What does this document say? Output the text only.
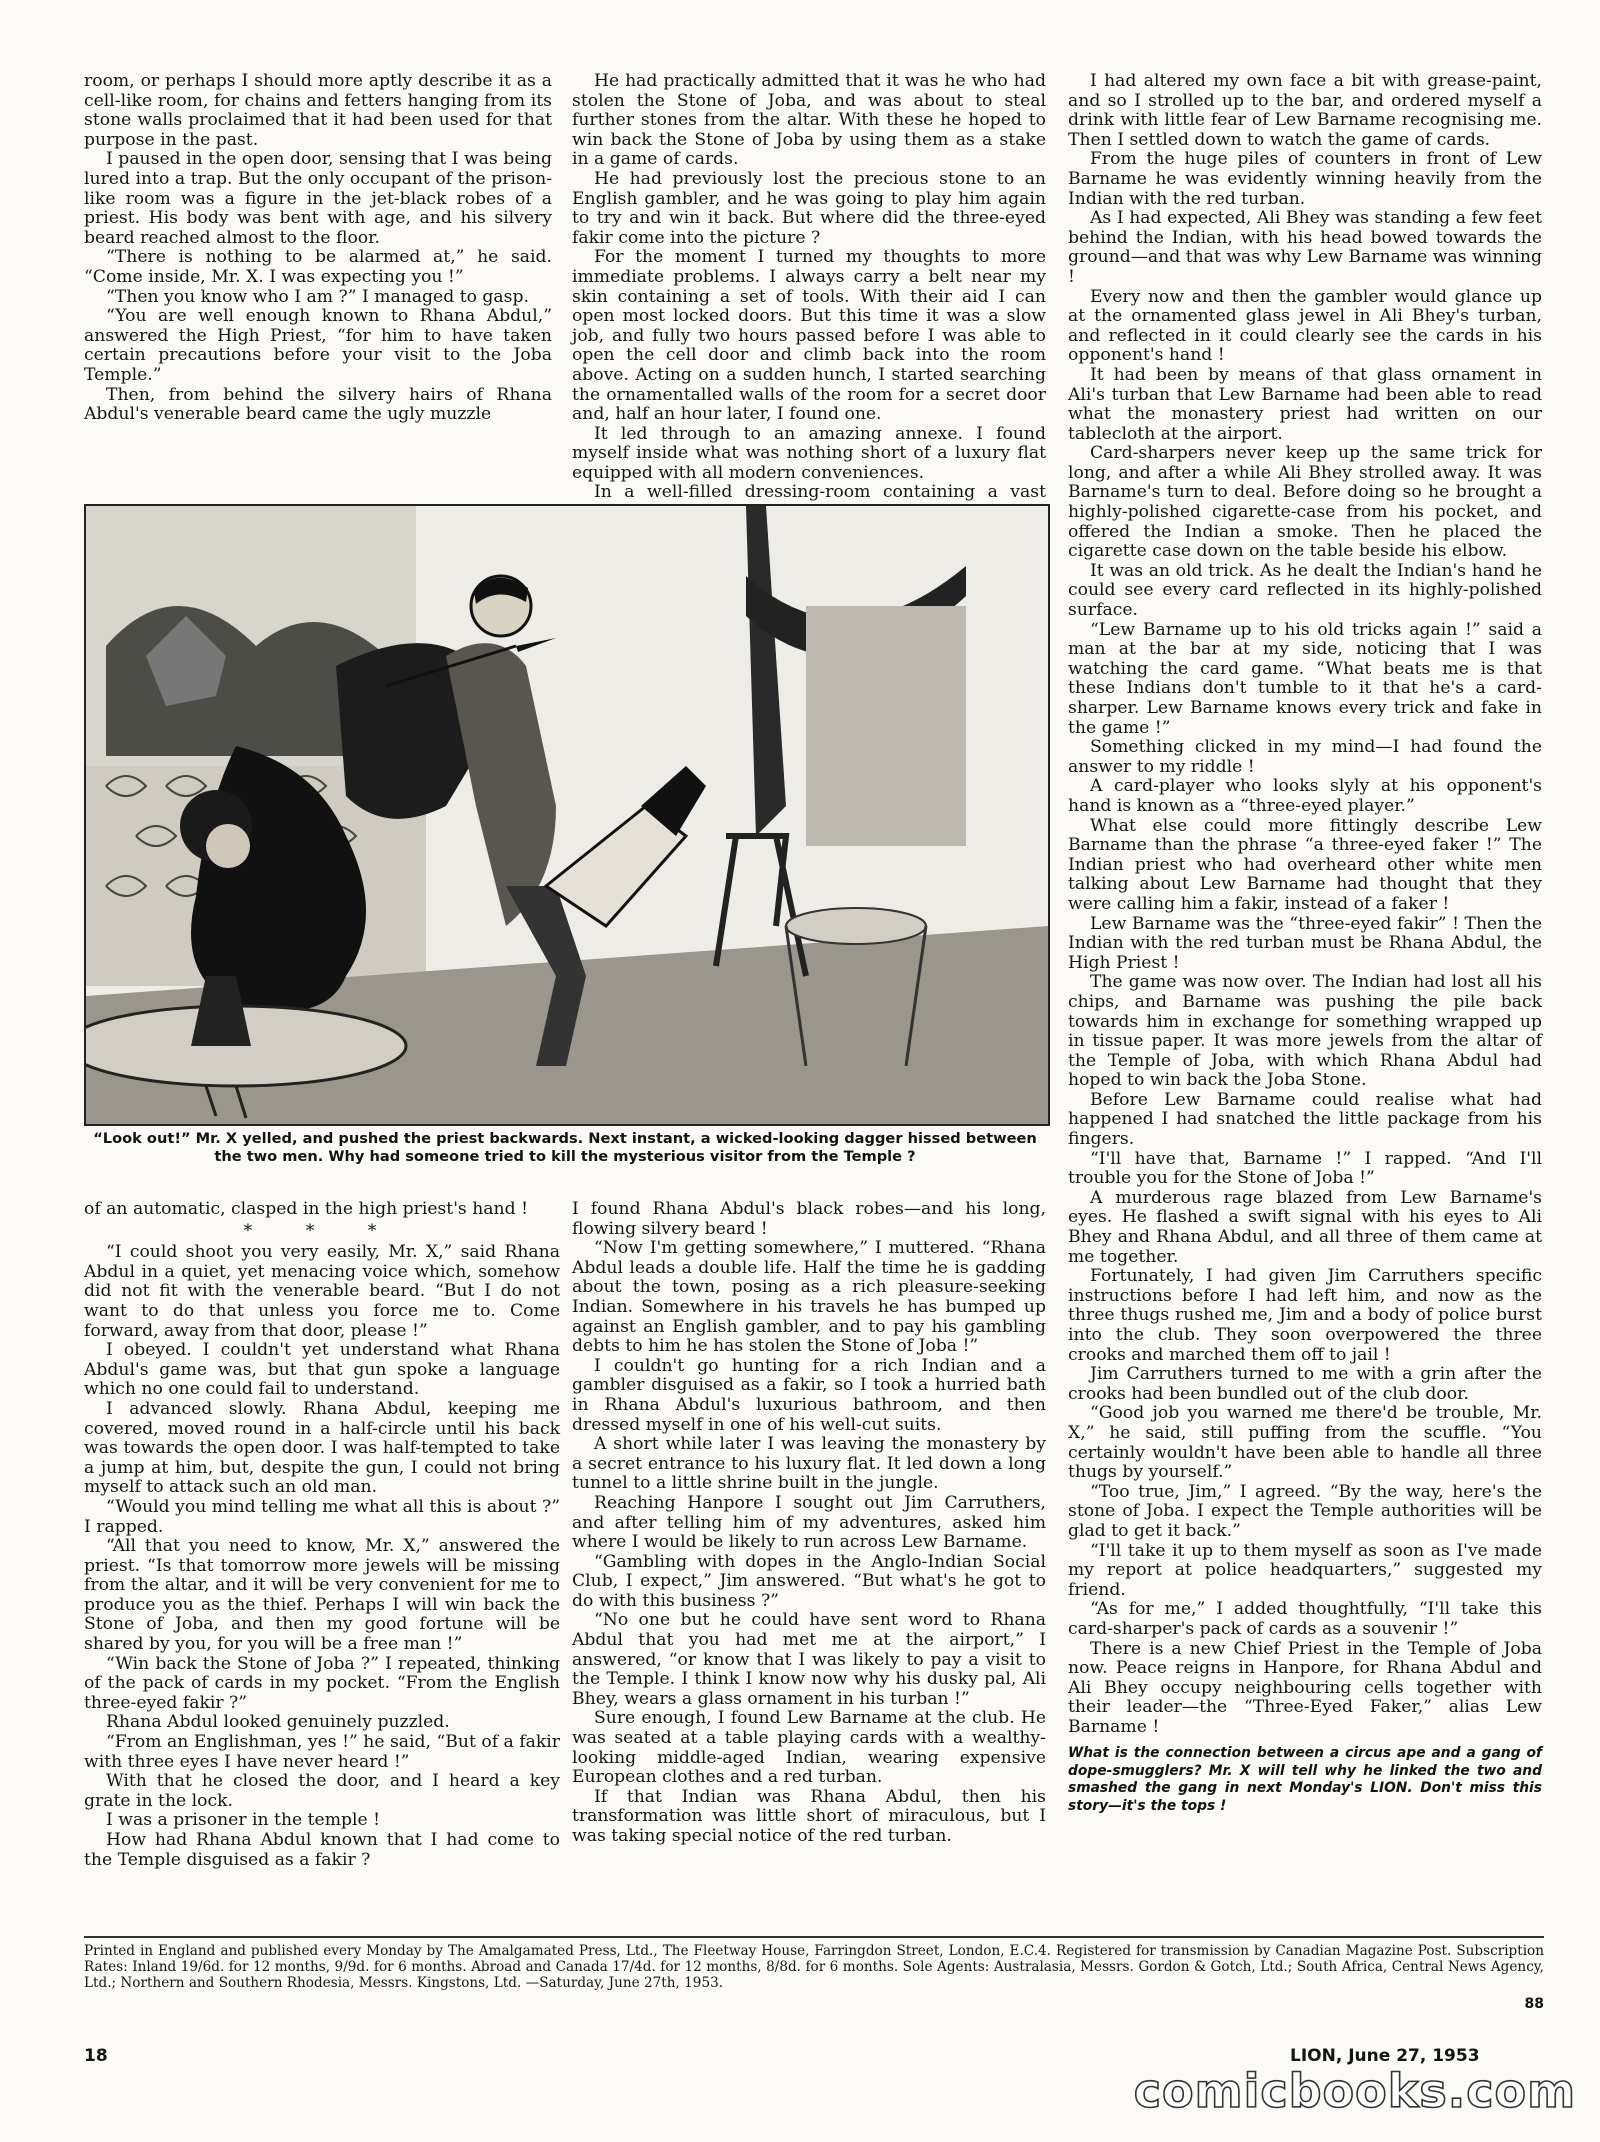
room, or perhaps I should more aptly describe it as a cell-like room, for chains and fetters hanging from its stone walls proclaimed that it had been used for that purpose in the past.

I paused in the open door, sensing that I was being lured into a trap. But the only occupant of the prison-like room was a figure in the jet-black robes of a priest. His body was bent with age, and his silvery beard reached almost to the floor.

“There is nothing to be alarmed at,” he said. “Come inside, Mr. X. I was expecting you !”

“Then you know who I am ?” I managed to gasp.

“You are well enough known to Rhana Abdul,” answered the High Priest, “for him to have taken certain precautions before your visit to the Joba Temple.”

Then, from behind the silvery hairs of Rhana Abdul's venerable beard came the ugly muzzle

He had practically admitted that it was he who had stolen the Stone of Joba, and was about to steal further stones from the altar. With these he hoped to win back the Stone of Joba by using them as a stake in a game of cards.

He had previously lost the precious stone to an English gambler, and he was going to play him again to try and win it back. But where did the three-eyed fakir come into the picture ?

For the moment I turned my thoughts to more immediate problems. I always carry a belt near my skin containing a set of tools. With their aid I can open most locked doors. But this time it was a slow job, and fully two hours passed before I was able to open the cell door and climb back into the room above. Acting on a sudden hunch, I started searching the ornamentalled walls of the room for a secret door and, half an hour later, I found one.

It led through to an amazing annexe. I found myself inside what was nothing short of a luxury flat equipped with all modern conveniences.

In a well-filled dressing-room containing a vast

I had altered my own face a bit with grease-paint, and so I strolled up to the bar, and ordered myself a drink with little fear of Lew Barname recognising me. Then I settled down to watch the game of cards.

From the huge piles of counters in front of Lew Barname he was evidently winning heavily from the Indian with the red turban.

As I had expected, Ali Bhey was standing a few feet behind the Indian, with his head bowed towards the ground—and that was why Lew Barname was winning !

Every now and then the gambler would glance up at the ornamented glass jewel in Ali Bhey's turban, and reflected in it could clearly see the cards in his opponent's hand !

It had been by means of that glass ornament in Ali's turban that Lew Barname had been able to read what the monastery priest had written on our tablecloth at the airport.

Card-sharpers never keep up the same trick for long, and after a while Ali Bhey strolled away. It was Barname's turn to deal. Before doing so he brought a highly-polished cigarette-case from his pocket, and offered the Indian a smoke. Then he placed the cigarette case down on the table beside his elbow.

It was an old trick. As he dealt the Indian's hand he could see every card reflected in its highly-polished surface.

“Lew Barname up to his old tricks again !” said a man at the bar at my side, noticing that I was watching the card game. “What beats me is that these Indians don't tumble to it that he's a card-sharper. Lew Barname knows every trick and fake in the game !”

Something clicked in my mind—I had found the answer to my riddle !

A card-player who looks slyly at his opponent's hand is known as a “three-eyed player.”

What else could more fittingly describe Lew Barname than the phrase “a three-eyed faker !” The Indian priest who had overheard other white men talking about Lew Barname had thought that they were calling him a fakir, instead of a faker !

Lew Barname was the “three-eyed fakir” ! Then the Indian with the red turban must be Rhana Abdul, the High Priest !

The game was now over. The Indian had lost all his chips, and Barname was pushing the pile back towards him in exchange for something wrapped up in tissue paper. It was more jewels from the altar of the Temple of Joba, with which Rhana Abdul had hoped to win back the Joba Stone.

Before Lew Barname could realise what had happened I had snatched the little package from his fingers.

“I'll have that, Barname !” I rapped. “And I'll trouble you for the Stone of Joba !”

A murderous rage blazed from Lew Barname's eyes. He flashed a swift signal with his eyes to Ali Bhey and Rhana Abdul, and all three of them came at me together.

Fortunately, I had given Jim Carruthers specific instructions before I had left him, and now as the three thugs rushed me, Jim and a body of police burst into the club. They soon overpowered the three crooks and marched them off to jail !

Jim Carruthers turned to me with a grin after the crooks had been bundled out of the club door.

“Good job you warned me there'd be trouble, Mr. X,” he said, still puffing from the scuffle. “You certainly wouldn't have been able to handle all three thugs by yourself.”

“Too true, Jim,” I agreed. “By the way, here's the stone of Joba. I expect the Temple authorities will be glad to get it back.”

“I'll take it up to them myself as soon as I've made my report at police headquarters,” suggested my friend.

“As for me,” I added thoughtfully, “I'll take this card-sharper's pack of cards as a souvenir !”

There is a new Chief Priest in the Temple of Joba now. Peace reigns in Hanpore, for Rhana Abdul and Ali Bhey occupy neighbouring cells together with their leader—the “Three-Eyed Faker,” alias Lew Barname !

What is the connection between a circus ape and a gang of dope-smugglers? Mr. X will tell why he linked the two and smashed the gang in next Monday's LION. Don't miss this story—it's the tops !

“Look out!” Mr. X yelled, and pushed the priest backwards. Next instant, a wicked-looking dagger hissed between the two men. Why had someone tried to kill the mysterious visitor from the Temple ?

of an automatic, clasped in the high priest's hand !

* * *

“I could shoot you very easily, Mr. X,” said Rhana Abdul in a quiet, yet menacing voice which, somehow did not fit with the venerable beard. “But I do not want to do that unless you force me to. Come forward, away from that door, please !”

I obeyed. I couldn't yet understand what Rhana Abdul's game was, but that gun spoke a language which no one could fail to understand.

I advanced slowly. Rhana Abdul, keeping me covered, moved round in a half-circle until his back was towards the open door. I was half-tempted to take a jump at him, but, despite the gun, I could not bring myself to attack such an old man.

“Would you mind telling me what all this is about ?” I rapped.

“All that you need to know, Mr. X,” answered the priest. “Is that tomorrow more jewels will be missing from the altar, and it will be very convenient for me to produce you as the thief. Perhaps I will win back the Stone of Joba, and then my good fortune will be shared by you, for you will be a free man !”

“Win back the Stone of Joba ?” I repeated, thinking of the pack of cards in my pocket. “From the English three-eyed fakir ?”

Rhana Abdul looked genuinely puzzled.

“From an Englishman, yes !” he said, “But of a fakir with three eyes I have never heard !”

With that he closed the door, and I heard a key grate in the lock.

I was a prisoner in the temple !

How had Rhana Abdul known that I had come to the Temple disguised as a fakir ?

I found Rhana Abdul's black robes—and his long, flowing silvery beard !

“Now I'm getting somewhere,” I muttered. “Rhana Abdul leads a double life. Half the time he is gadding about the town, posing as a rich pleasure-seeking Indian. Somewhere in his travels he has bumped up against an English gambler, and to pay his gambling debts to him he has stolen the Stone of Joba !”

I couldn't go hunting for a rich Indian and a gambler disguised as a fakir, so I took a hurried bath in Rhana Abdul's luxurious bathroom, and then dressed myself in one of his well-cut suits.

A short while later I was leaving the monastery by a secret entrance to his luxury flat. It led down a long tunnel to a little shrine built in the jungle.

Reaching Hanpore I sought out Jim Carruthers, and after telling him of my adventures, asked him where I would be likely to run across Lew Barname.

“Gambling with dopes in the Anglo-Indian Social Club, I expect,” Jim answered. “But what's he got to do with this business ?”

“No one but he could have sent word to Rhana Abdul that you had met me at the airport,” I answered, “or know that I was likely to pay a visit to the Temple. I think I know now why his dusky pal, Ali Bhey, wears a glass ornament in his turban !”

Sure enough, I found Lew Barname at the club. He was seated at a table playing cards with a wealthy-looking middle-aged Indian, wearing expensive European clothes and a red turban.

If that Indian was Rhana Abdul, then his transformation was little short of miraculous, but I was taking special notice of the red turban.

Printed in England and published every Monday by The Amalgamated Press, Ltd., The Fleetway House, Farringdon Street, London, E.C.4. Registered for transmission by Canadian Magazine Post. Subscription Rates: Inland 19/6d. for 12 months, 9/9d. for 6 months. Abroad and Canada 17/4d. for 12 months, 8/8d. for 6 months. Sole Agents: Australasia, Messrs. Gordon & Gotch, Ltd.; South Africa, Central News Agency, Ltd.; Northern and Southern Rhodesia, Messrs. Kingstons, Ltd. —Saturday, June 27th, 1953.
88
18	LION, June 27, 1953
comicbooks.com
